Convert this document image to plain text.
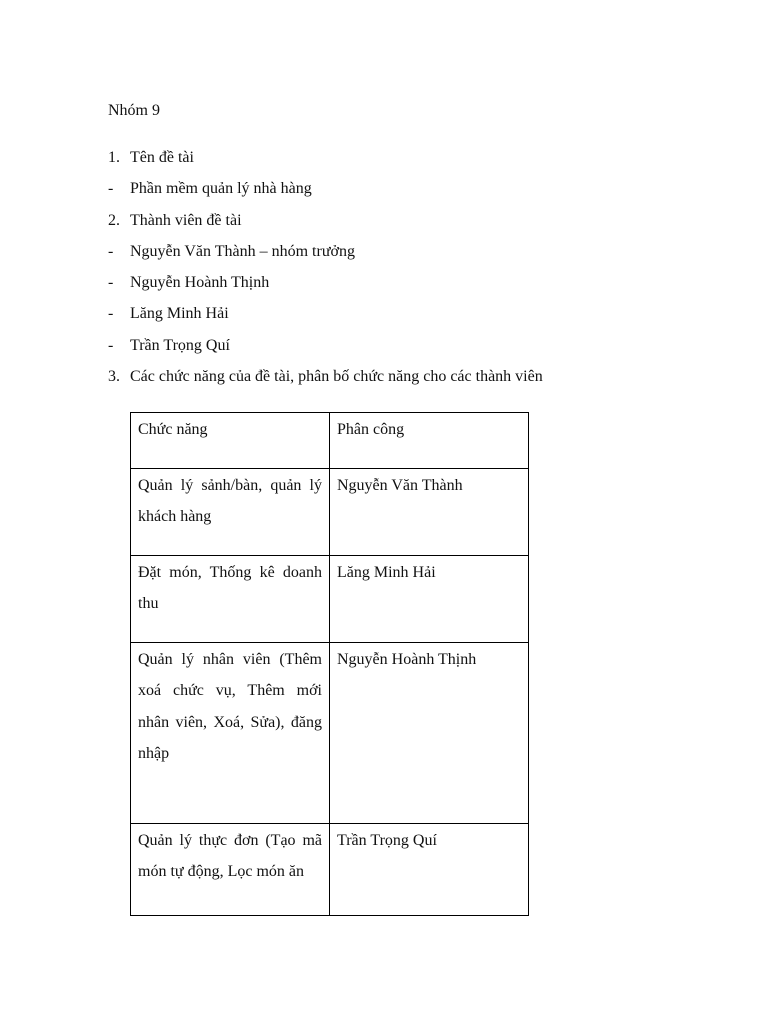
Nhóm 9
1. Tên đề tài
-	Phần mềm quản lý nhà hàng
2. Thành viên đề tài
-	Nguyễn Văn Thành – nhóm trưởng
-	Nguyễn Hoành Thịnh
-	Lăng Minh Hải
-	Trần Trọng Quí
3. Các chức năng của đề tài, phân bố chức năng cho các thành viên
Chức năng	Phân công

Quản lý sảnh/bàn, quản lý khách hàng	Nguyễn Văn Thành

Đặt món, Thống kê doanh thu	Lăng Minh Hải

Quản lý nhân viên (Thêm xoá chức vụ, Thêm mới nhân viên, Xoá, Sửa), đăng nhập	Nguyễn Hoành Thịnh

Quản lý thực đơn (Tạo mã món tự động, Lọc món ăn	Trần Trọng Quí
